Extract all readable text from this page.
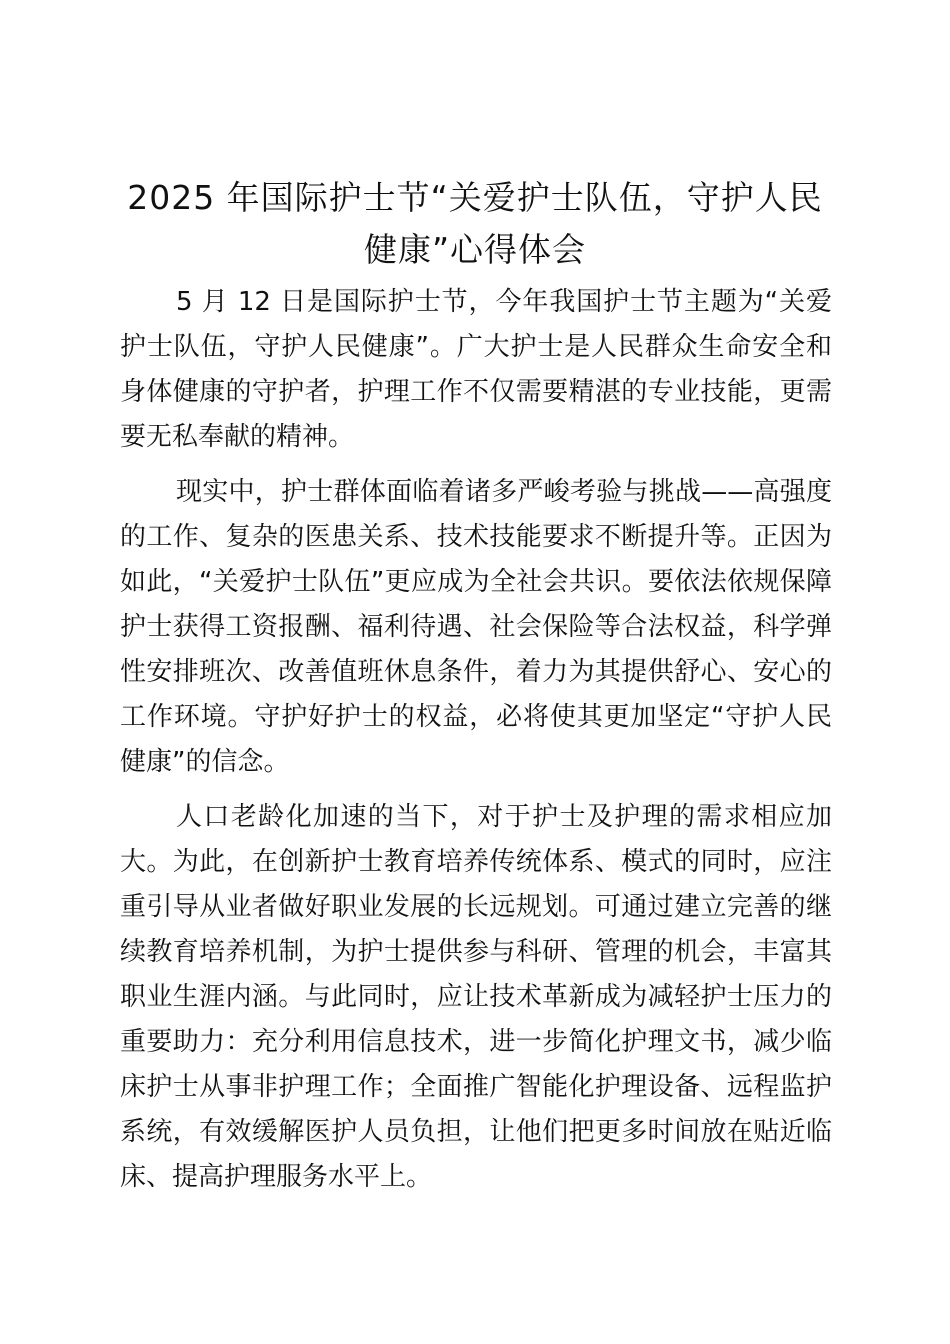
2025 年国际护士节“关爱护士队伍，守护人民健康”心得体会

5 月 12 日是国际护士节，今年我国护士节主题为“关爱护士队伍，守护人民健康”。广大护士是人民群众生命安全和身体健康的守护者，护理工作不仅需要精湛的专业技能，更需要无私奉献的精神。

现实中，护士群体面临着诸多严峻考验与挑战——高强度的工作、复杂的医患关系、技术技能要求不断提升等。正因为如此，“关爱护士队伍”更应成为全社会共识。要依法依规保障护士获得工资报酬、福利待遇、社会保险等合法权益，科学弹性安排班次、改善值班休息条件，着力为其提供舒心、安心的工作环境。守护好护士的权益，必将使其更加坚定“守护人民健康”的信念。

人口老龄化加速的当下，对于护士及护理的需求相应加大。为此，在创新护士教育培养传统体系、模式的同时，应注重引导从业者做好职业发展的长远规划。可通过建立完善的继续教育培养机制，为护士提供参与科研、管理的机会，丰富其职业生涯内涵。与此同时，应让技术革新成为减轻护士压力的重要助力：充分利用信息技术，进一步简化护理文书，减少临床护士从事非护理工作；全面推广智能化护理设备、远程监护系统，有效缓解医护人员负担，让他们把更多时间放在贴近临床、提高护理服务水平上。
